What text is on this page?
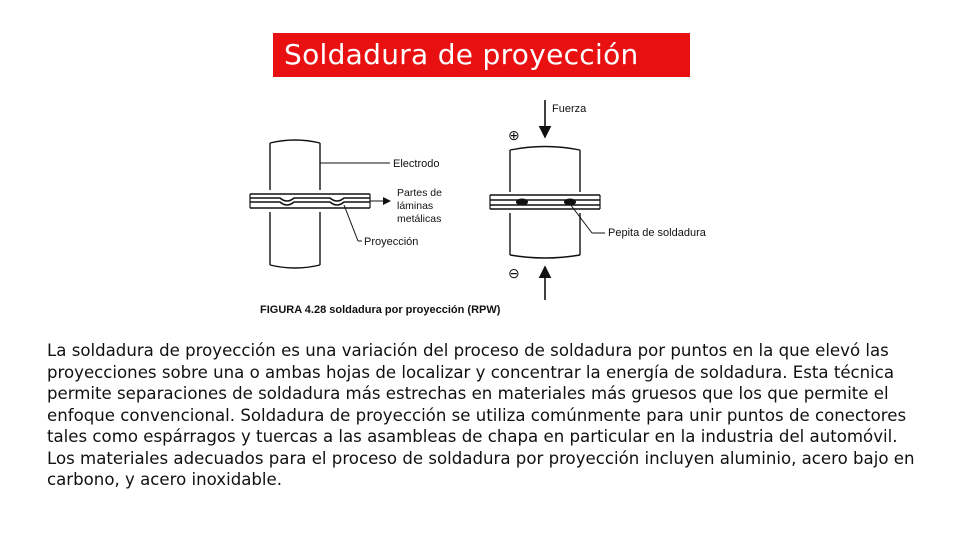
Soldadura de proyección
Fuerza
⊕
Electrodo
Partes de
láminas
metálicas
Proyección
Pepita de soldadura
⊖
FIGURA 4.28 soldadura por proyección (RPW)

La soldadura de proyección es una variación del proceso de soldadura por puntos en la que elevó las proyecciones sobre una o ambas hojas de localizar y concentrar la energía de soldadura. Esta técnica permite separaciones de soldadura más estrechas en materiales más gruesos que los que permite el enfoque convencional. Soldadura de proyección se utiliza comúnmente para unir puntos de conectores tales como espárragos y tuercas a las asambleas de chapa en particular en la industria del automóvil. Los materiales adecuados para el proceso de soldadura por proyección incluyen aluminio, acero bajo en carbono, y acero inoxidable.
